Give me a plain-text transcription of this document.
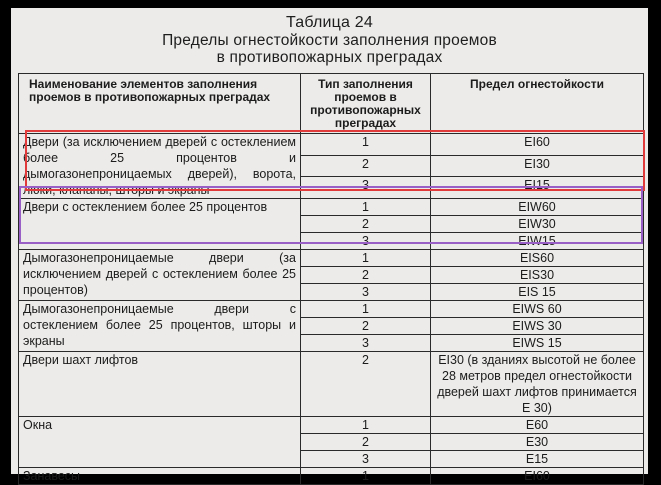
Таблица 24
Пределы огнестойкости заполнения проемов
в противопожарных преградах
Наименование элементов заполнения проемов в противопожарных преградах	Тип заполнения проемов в противопожарных преградах	Предел огнестойкости
Двери (за исключением дверей с остеклением более 25 процентов и дымогазонепроницаемых дверей), ворота, люки, клапаны, шторы и экраны	1	EI60
	2	EI30
	3	EI15
Двери с остеклением более 25 процентов	1	EIW60
	2	EIW30
	3	EIW15
Дымогазонепроницаемые двери (за исключением дверей с остеклением более 25 процентов)	1	EIS60
	2	EIS30
	3	EIS 15
Дымогазонепроницаемые двери с остеклением более 25 процентов, шторы и экраны	1	EIWS 60
	2	EIWS 30
	3	EIWS 15
Двери шахт лифтов	2	EI30 (в зданиях высотой не более 28 метров предел огнестойкости дверей шахт лифтов принимается Е 30)
Окна	1	E60
	2	E30
	3	E15
Занавесы	1	EI60
